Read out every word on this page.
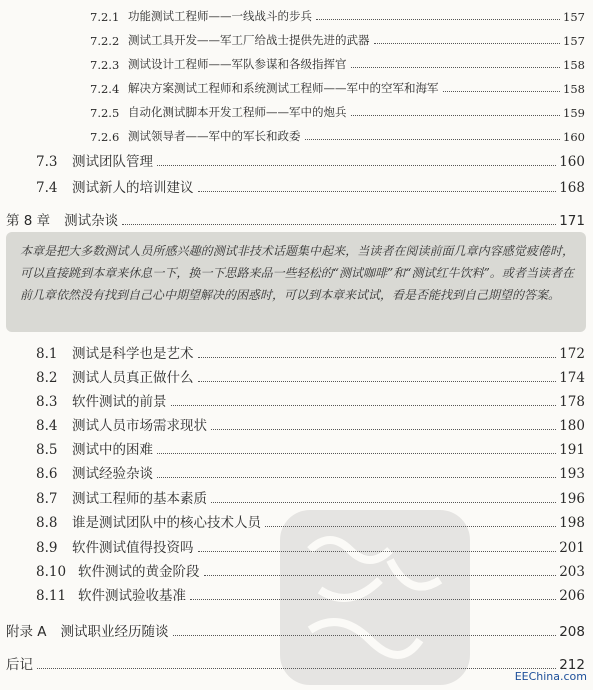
7.2.1 功能测试工程师——一线战斗的步兵	157
7.2.2 测试工具开发——军工厂给战士提供先进的武器	157
7.2.3 测试设计工程师——军队参谋和各级指挥官	158
7.2.4 解决方案测试工程师和系统测试工程师——军中的空军和海军	158
7.2.5 自动化测试脚本开发工程师——军中的炮兵	159
7.2.6 测试领导者——军中的军长和政委	160
7.3	测试团队管理	160
7.4	测试新人的培训建议	168
第 8 章 测试杂谈	171
本章是把大多数测试人员所感兴趣的测试非技术话题集中起来，当读者在阅读前面几章内容感觉疲倦时，可以直接跳到本章来休息一下，换一下思路来品一些轻松的“测试咖啡”和“测试红牛饮料”。或者当读者在前几章依然没有找到自己心中期望解决的困惑时，可以到本章来试试，看是否能找到自己期望的答案。
8.1	测试是科学也是艺术	172
8.2	测试人员真正做什么	174
8.3	软件测试的前景	178
8.4	测试人员市场需求现状	180
8.5	测试中的困难	191
8.6	测试经验杂谈	193
8.7	测试工程师的基本素质	196
8.8	谁是测试团队中的核心技术人员	198
8.9	软件测试值得投资吗	201
8.10 软件测试的黄金阶段	203
8.11 软件测试验收基准	206
附录 A 测试职业经历随谈	208
后记	212
EEChina.com
